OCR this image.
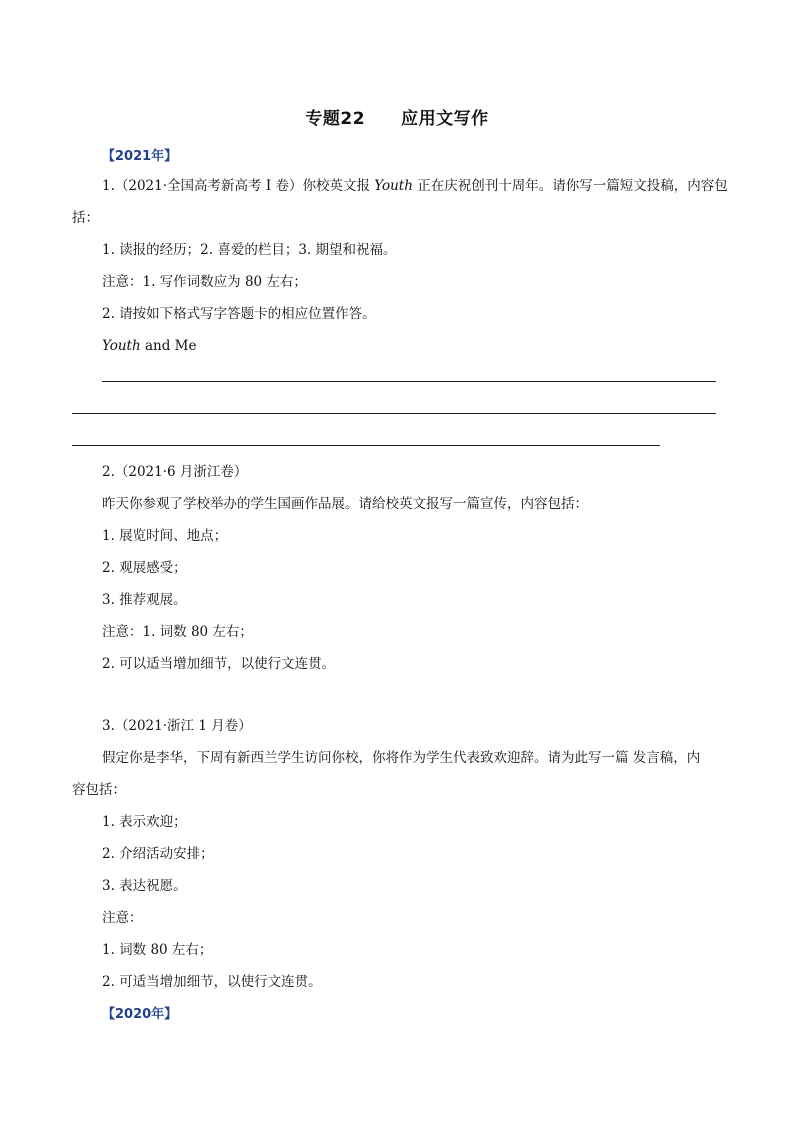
专题22 应用文写作
【2021年】
1.（2021·全国高考新高考 I 卷）你校英文报 Youth 正在庆祝创刊十周年。请你写一篇短文投稿，内容包
括：
1. 读报的经历；2. 喜爱的栏目；3. 期望和祝福。
注意：1. 写作词数应为 80 左右；
2. 请按如下格式写字答题卡的相应位置作答。
Youth and Me
2.（2021·6 月浙江卷）
昨天你参观了学校举办的学生国画作品展。请给校英文报写一篇宣传，内容包括：
1. 展览时间、地点；
2. 观展感受；
3. 推荐观展。
注意：1. 词数 80 左右；
2. 可以适当增加细节，以使行文连贯。
3.（2021·浙江 1 月卷）
假定你是李华，下周有新西兰学生访问你校，你将作为学生代表致欢迎辞。请为此写一篇 发言稿，内
容包括：
1. 表示欢迎；
2. 介绍活动安排；
3. 表达祝愿。
注意：
1. 词数 80 左右；
2. 可适当增加细节，以使行文连贯。
【2020年】
